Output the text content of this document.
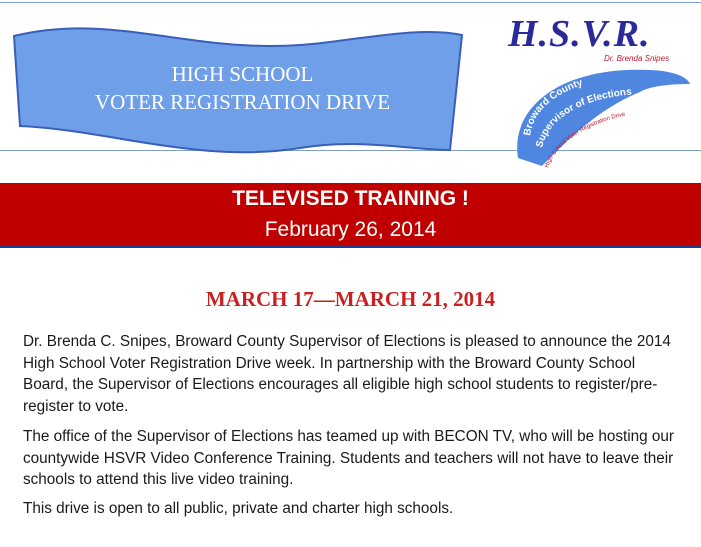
HIGH SCHOOL
VOTER REGISTRATION DRIVE
H.S.V.R.
Dr. Brenda Snipes
Broward County
Supervisor of Elections
High School Voter Registration Drive
TELEVISED TRAINING !
February 26, 2014
MARCH 17—MARCH 21, 2014
Dr. Brenda C. Snipes, Broward County Supervisor of Elections is pleased to announce the 2014 High School Voter Registration Drive week. In partnership with the Broward County School Board, the Supervisor of Elections encourages all eligible high school students to register/pre-register to vote.
The office of the Supervisor of Elections has teamed up with BECON TV, who will be hosting our countywide HSVR Video Conference Training. Students and teachers will not have to leave their schools to attend this live video training.
This drive is open to all public, private and charter high schools.
